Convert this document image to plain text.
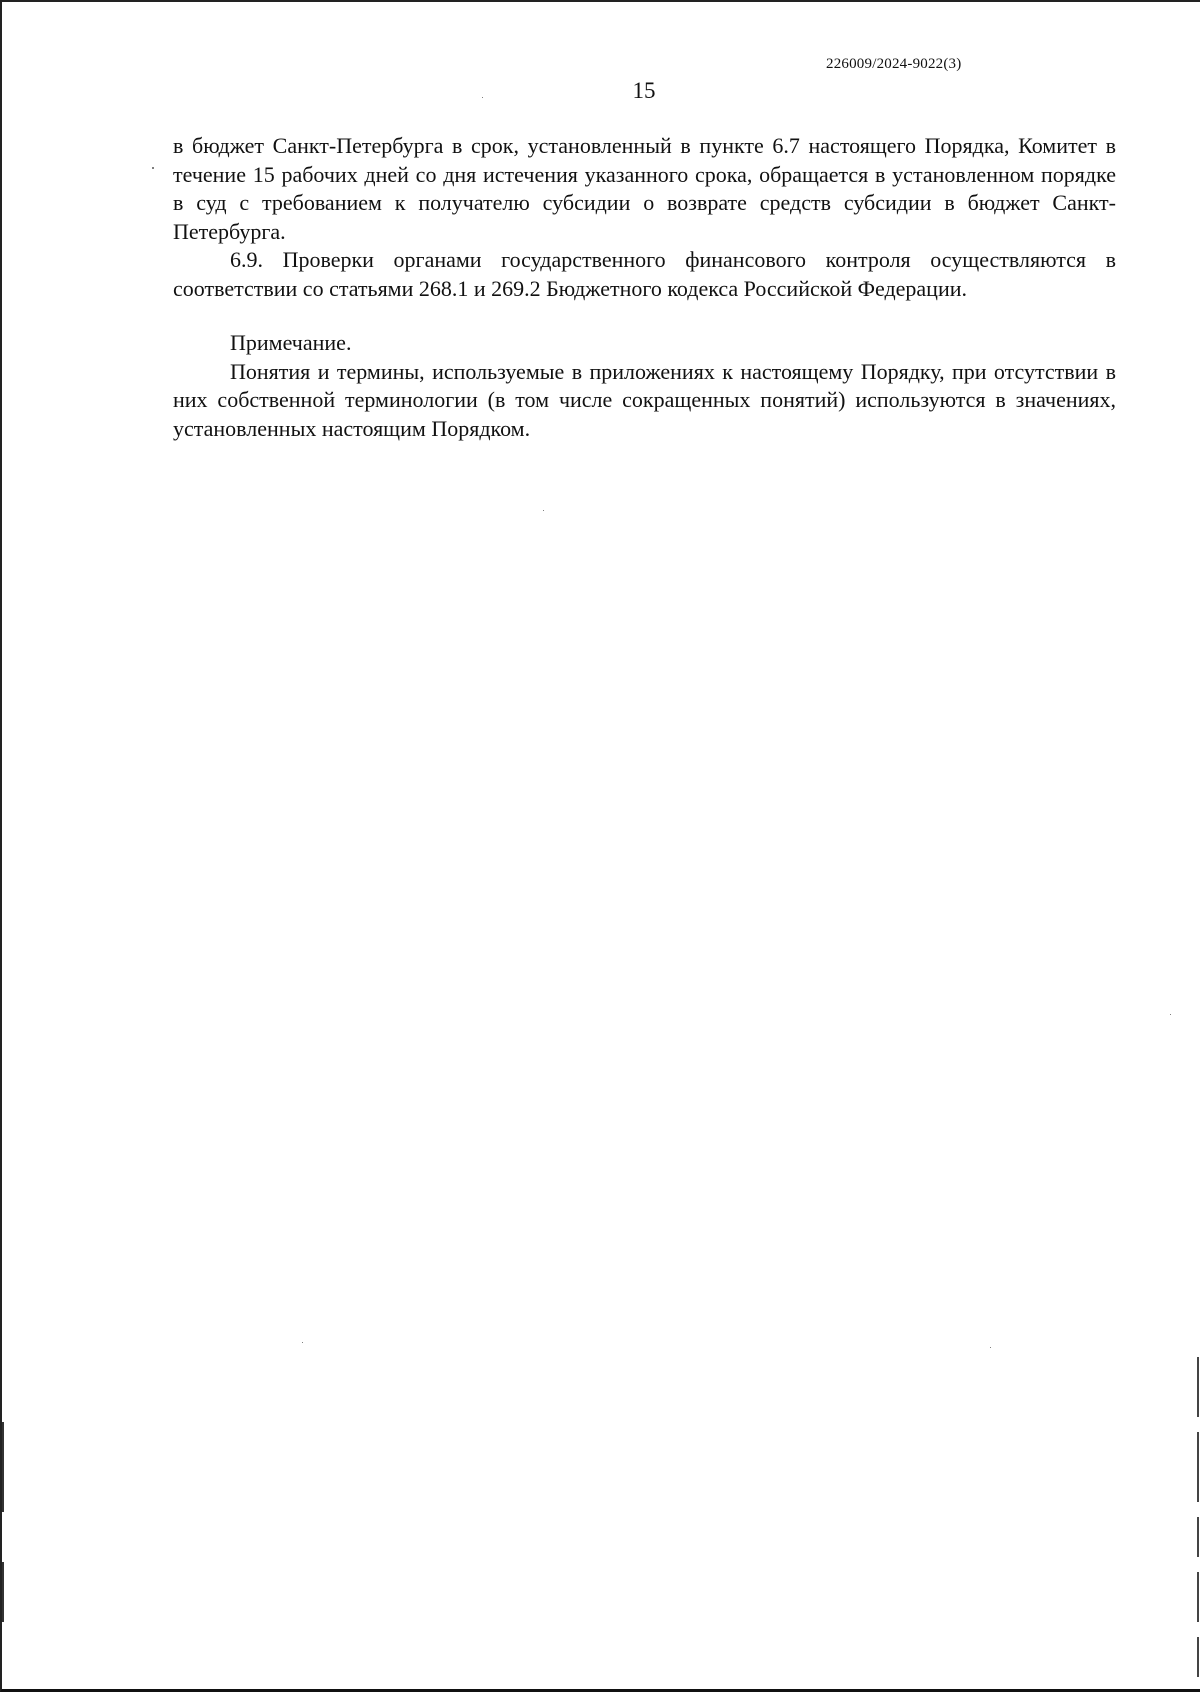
226009/2024-9022(3)
15

в бюджет Санкт-Петербурга в срок, установленный в пункте 6.7 настоящего Порядка, Комитет в течение 15 рабочих дней со дня истечения указанного срока, обращается в установленном порядке в суд с требованием к получателю субсидии о возврате средств субсидии в бюджет Санкт-Петербурга.

6.9. Проверки органами государственного финансового контроля осуществляются в соответствии со статьями 268.1 и 269.2 Бюджетного кодекса Российской Федерации.

Примечание.

Понятия и термины, используемые в приложениях к настоящему Порядку, при отсутствии в них собственной терминологии (в том числе сокращенных понятий) используются в значениях, установленных настоящим Порядком.
